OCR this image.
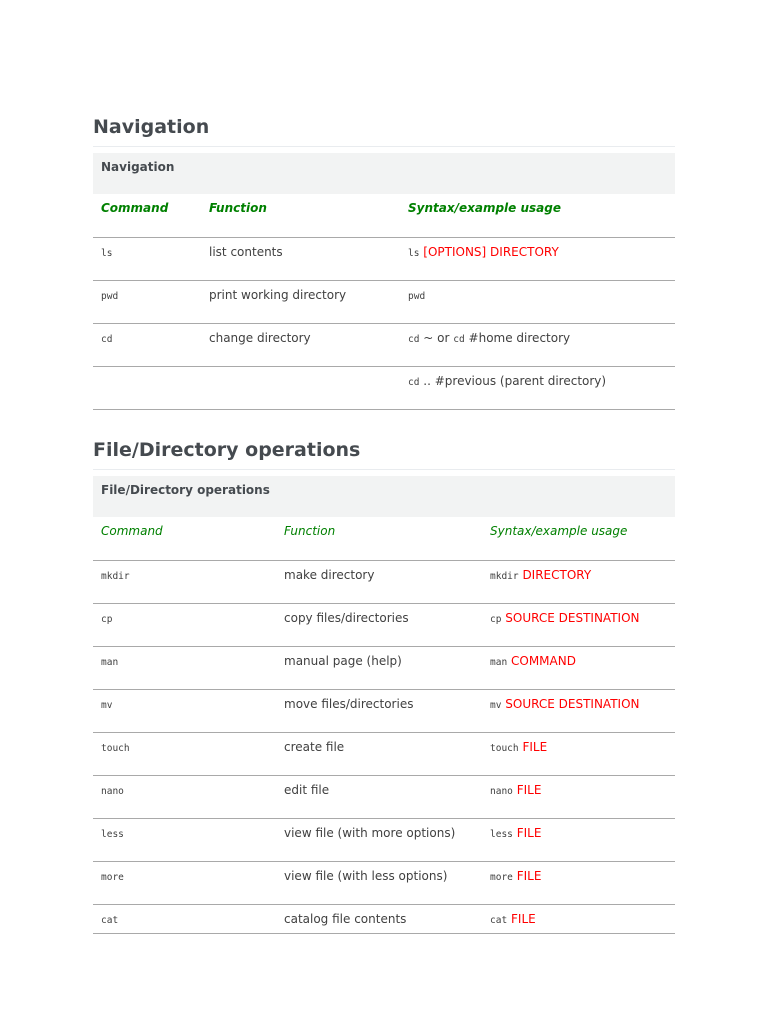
Navigation
Navigation		
Command	Function	Syntax/example usage
ls	list contents	ls [OPTIONS] DIRECTORY
pwd	print working directory	pwd
cd	change directory	cd ~ or cd #home directory
		cd .. #previous (parent directory)
File/Directory operations
File/Directory operations		
Command	Function	Syntax/example usage
mkdir	make directory	mkdir DIRECTORY
cp	copy files/directories	cp SOURCE DESTINATION
man	manual page (help)	man COMMAND
mv	move files/directories	mv SOURCE DESTINATION
touch	create file	touch FILE
nano	edit file	nano FILE
less	view file (with more options)	less FILE
more	view file (with less options)	more FILE
cat	catalog file contents	cat FILE
